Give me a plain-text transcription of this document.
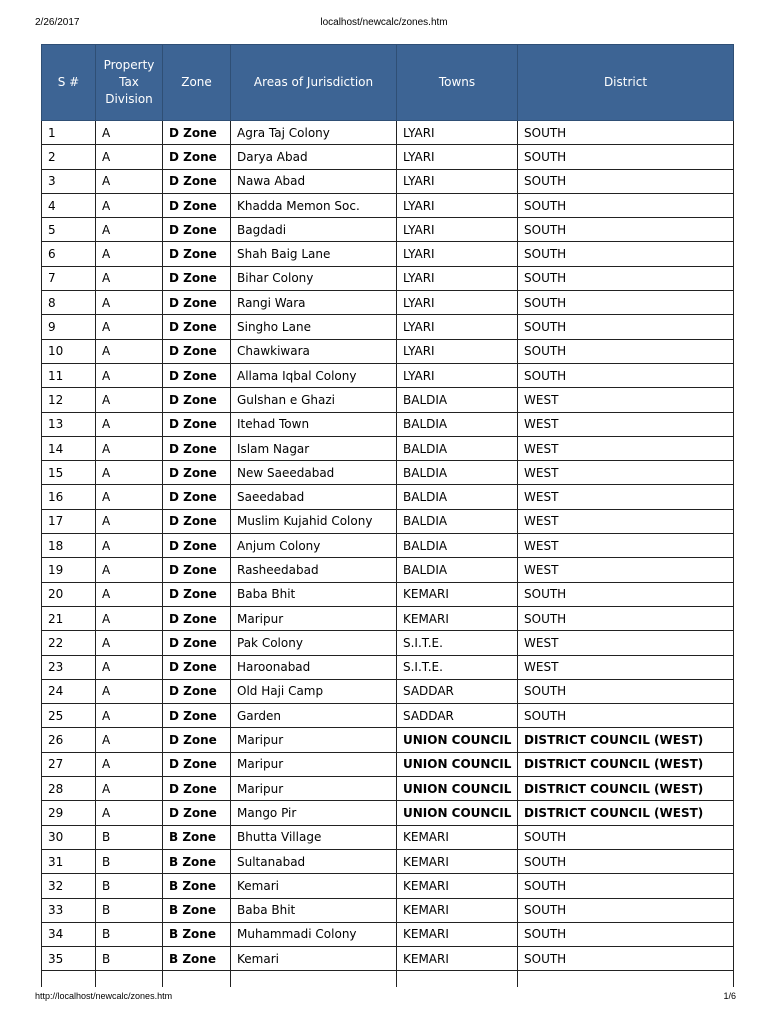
2/26/2017	localhost/newcalc/zones.htm
S #	Property Tax Division	Zone	Areas of Jurisdiction	Towns	District
1	A	D Zone	Agra Taj Colony	LYARI	SOUTH
2	A	D Zone	Darya Abad	LYARI	SOUTH
3	A	D Zone	Nawa Abad	LYARI	SOUTH
4	A	D Zone	Khadda Memon Soc.	LYARI	SOUTH
5	A	D Zone	Bagdadi	LYARI	SOUTH
6	A	D Zone	Shah Baig Lane	LYARI	SOUTH
7	A	D Zone	Bihar Colony	LYARI	SOUTH
8	A	D Zone	Rangi Wara	LYARI	SOUTH
9	A	D Zone	Singho Lane	LYARI	SOUTH
10	A	D Zone	Chawkiwara	LYARI	SOUTH
11	A	D Zone	Allama Iqbal Colony	LYARI	SOUTH
12	A	D Zone	Gulshan e Ghazi	BALDIA	WEST
13	A	D Zone	Itehad Town	BALDIA	WEST
14	A	D Zone	Islam Nagar	BALDIA	WEST
15	A	D Zone	New Saeedabad	BALDIA	WEST
16	A	D Zone	Saeedabad	BALDIA	WEST
17	A	D Zone	Muslim Kujahid Colony	BALDIA	WEST
18	A	D Zone	Anjum Colony	BALDIA	WEST
19	A	D Zone	Rasheedabad	BALDIA	WEST
20	A	D Zone	Baba Bhit	KEMARI	SOUTH
21	A	D Zone	Maripur	KEMARI	SOUTH
22	A	D Zone	Pak Colony	S.I.T.E.	WEST
23	A	D Zone	Haroonabad	S.I.T.E.	WEST
24	A	D Zone	Old Haji Camp	SADDAR	SOUTH
25	A	D Zone	Garden	SADDAR	SOUTH
26	A	D Zone	Maripur	UNION COUNCIL	DISTRICT COUNCIL (WEST)
27	A	D Zone	Maripur	UNION COUNCIL	DISTRICT COUNCIL (WEST)
28	A	D Zone	Maripur	UNION COUNCIL	DISTRICT COUNCIL (WEST)
29	A	D Zone	Mango Pir	UNION COUNCIL	DISTRICT COUNCIL (WEST)
30	B	B Zone	Bhutta Village	KEMARI	SOUTH
31	B	B Zone	Sultanabad	KEMARI	SOUTH
32	B	B Zone	Kemari	KEMARI	SOUTH
33	B	B Zone	Baba Bhit	KEMARI	SOUTH
34	B	B Zone	Muhammadi Colony	KEMARI	SOUTH
35	B	B Zone	Kemari	KEMARI	SOUTH

http://localhost/newcalc/zones.htm	1/6
